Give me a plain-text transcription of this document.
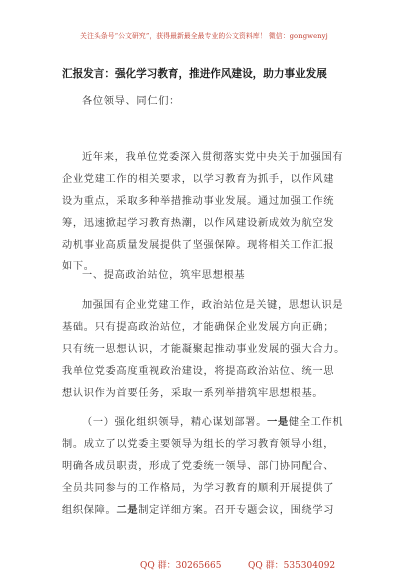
关注头条号“公文研究”，获得最新最全最专业的公文资料库！ 微信：gongwenyj
汇报发言：强化学习教育，推进作风建设，助力事业发展
各位领导、同仁们：
近年来，我单位党委深入贯彻落实党中央关于加强国有
企业党建工作的相关要求，以学习教育为抓手，以作风建
设为重点，采取多种举措推动事业发展。通过加强工作统
筹，迅速掀起学习教育热潮，以作风建设新成效为航空发
动机事业高质量发展提供了坚强保障。现将相关工作汇报
如下。
一、提高政治站位，筑牢思想根基
加强国有企业党建工作，政治站位是关键，思想认识是
基础。只有提高政治站位，才能确保企业发展方向正确；
只有统一思想认识，才能凝聚起推动事业发展的强大合力。
我单位党委高度重视政治建设，将提高政治站位、统一思
想认识作为首要任务，采取一系列举措筑牢思想根基。
（一）强化组织领导，精心谋划部署。一是健全工作机
制。成立了以党委主要领导为组长的学习教育领导小组，
明确各成员职责，形成了党委统一领导、部门协同配合、
全员共同参与的工作格局，为学习教育的顺利开展提供了
组织保障。二是制定详细方案。召开专题会议，围绕学习
QQ 群：30265665	QQ 群：535304092
